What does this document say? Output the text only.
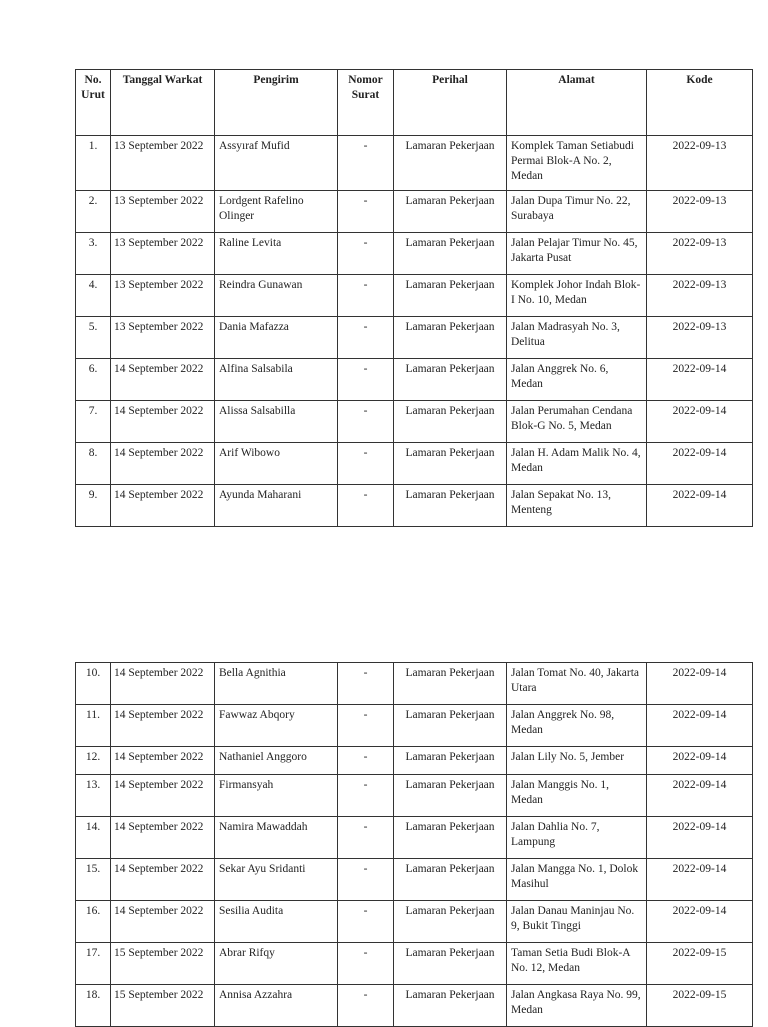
No. Urut	Tanggal Warkat	Pengirim	Nomor Surat	Perihal	Alamat	Kode
1.	13 September 2022	Assyıraf Mufid	-	Lamaran Pekerjaan	Komplek Taman Setiabudi Permai Blok-A No. 2, Medan	2022-09-13
2.	13 September 2022	Lordgent Rafelino Olinger	-	Lamaran Pekerjaan	Jalan Dupa Timur No. 22, Surabaya	2022-09-13
3.	13 September 2022	Raline Levita	-	Lamaran Pekerjaan	Jalan Pelajar Timur No. 45, Jakarta Pusat	2022-09-13
4.	13 September 2022	Reindra Gunawan	-	Lamaran Pekerjaan	Komplek Johor Indah Blok-I No. 10, Medan	2022-09-13
5.	13 September 2022	Dania Mafazza	-	Lamaran Pekerjaan	Jalan Madrasyah No. 3, Delitua	2022-09-13
6.	14 September 2022	Alfina Salsabila	-	Lamaran Pekerjaan	Jalan Anggrek No. 6, Medan	2022-09-14
7.	14 September 2022	Alissa Salsabilla	-	Lamaran Pekerjaan	Jalan Perumahan Cendana Blok-G No. 5, Medan	2022-09-14
8.	14 September 2022	Arif Wibowo	-	Lamaran Pekerjaan	Jalan H. Adam Malik No. 4, Medan	2022-09-14
9.	14 September 2022	Ayunda Maharani	-	Lamaran Pekerjaan	Jalan Sepakat No. 13, Menteng	2022-09-14
10.	14 September 2022	Bella Agnithia	-	Lamaran Pekerjaan	Jalan Tomat No. 40, Jakarta Utara	2022-09-14
11.	14 September 2022	Fawwaz Abqory	-	Lamaran Pekerjaan	Jalan Anggrek No. 98, Medan	2022-09-14
12.	14 September 2022	Nathaniel Anggoro	-	Lamaran Pekerjaan	Jalan Lily No. 5, Jember	2022-09-14
13.	14 September 2022	Firmansyah	-	Lamaran Pekerjaan	Jalan Manggis No. 1, Medan	2022-09-14
14.	14 September 2022	Namira Mawaddah	-	Lamaran Pekerjaan	Jalan Dahlia No. 7, Lampung	2022-09-14
15.	14 September 2022	Sekar Ayu Sridanti	-	Lamaran Pekerjaan	Jalan Mangga No. 1, Dolok Masihul	2022-09-14
16.	14 September 2022	Sesilia Audita	-	Lamaran Pekerjaan	Jalan Danau Maninjau No. 9, Bukit Tinggi	2022-09-14
17.	15 September 2022	Abrar Rifqy	-	Lamaran Pekerjaan	Taman Setia Budi Blok-A No. 12, Medan	2022-09-15
18.	15 September 2022	Annisa Azzahra	-	Lamaran Pekerjaan	Jalan Angkasa Raya No. 99, Medan	2022-09-15
